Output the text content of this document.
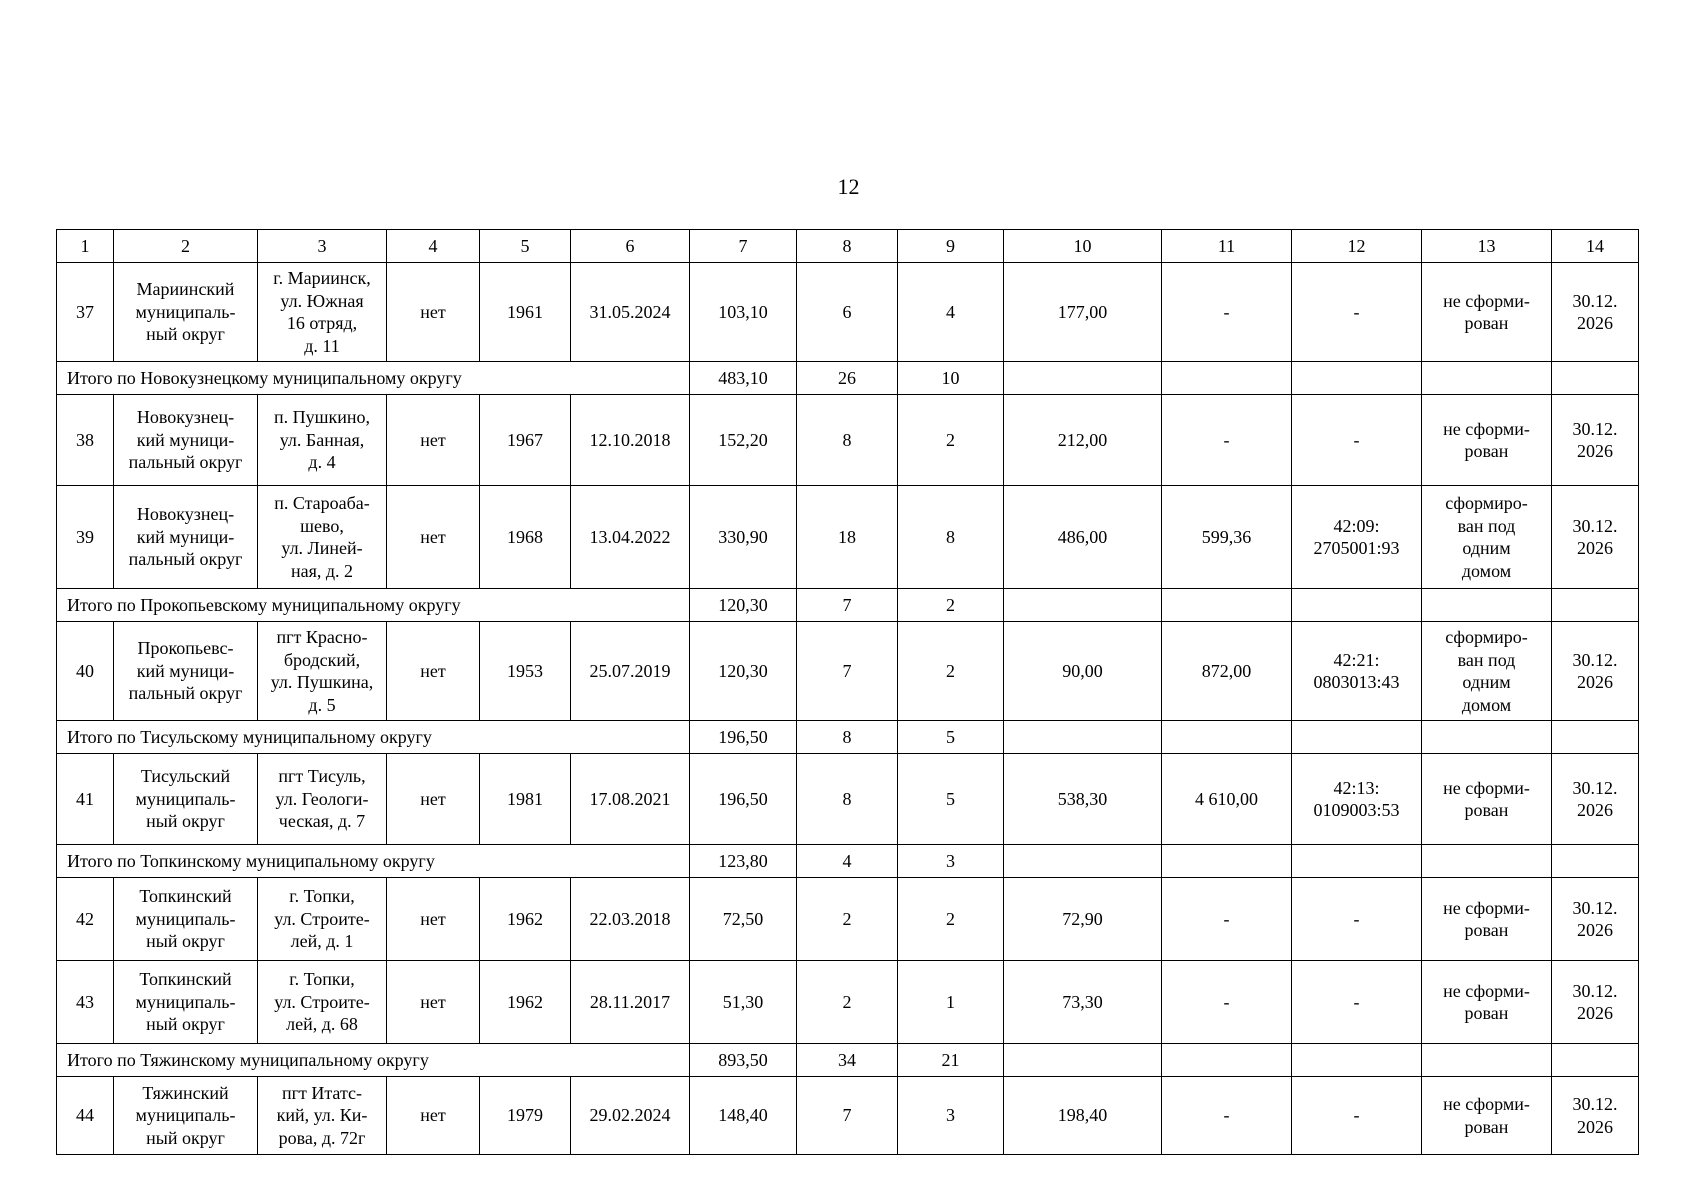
12
1	2	3	4	5	6	7	8	9	10	11	12	13	14
37	Мариинский
муниципаль-
ный округ	г. Мариинск,
ул. Южная
16 отряд,
д. 11	нет	1961	31.05.2024	103,10	6	4	177,00	-	-	не сформи-
рован	30.12.
2026
Итого по Новокузнецкому муниципальному округу						483,10	26	10					
38	Новокузнец-
кий муници-
пальный округ	п. Пушкино,
ул. Банная,
д. 4	нет	1967	12.10.2018	152,20	8	2	212,00	-	-	не сформи-
рован	30.12.
2026
39	Новокузнец-
кий муници-
пальный округ	п. Староаба-
шево,
ул. Линей-
ная, д. 2	нет	1968	13.04.2022	330,90	18	8	486,00	599,36	42:09:
2705001:93	сформиро-
ван под
одним
домом	30.12.
2026
Итого по Прокопьевскому муниципальному округу						120,30	7	2					
40	Прокопьевс-
кий муници-
пальный округ	пгт Красно-
бродский,
ул. Пушкина,
д. 5	нет	1953	25.07.2019	120,30	7	2	90,00	872,00	42:21:
0803013:43	сформиро-
ван под
одним
домом	30.12.
2026
Итого по Тисульскому муниципальному округу						196,50	8	5					
41	Тисульский
муниципаль-
ный округ	пгт Тисуль,
ул. Геологи-
ческая, д. 7	нет	1981	17.08.2021	196,50	8	5	538,30	4 610,00	42:13:
0109003:53	не сформи-
рован	30.12.
2026
Итого по Топкинскому муниципальному округу						123,80	4	3					
42	Топкинский
муниципаль-
ный округ	г. Топки,
ул. Строите-
лей, д. 1	нет	1962	22.03.2018	72,50	2	2	72,90	-	-	не сформи-
рован	30.12.
2026
43	Топкинский
муниципаль-
ный округ	г. Топки,
ул. Строите-
лей, д. 68	нет	1962	28.11.2017	51,30	2	1	73,30	-	-	не сформи-
рован	30.12.
2026
Итого по Тяжинскому муниципальному округу						893,50	34	21					
44	Тяжинский
муниципаль-
ный округ	пгт Итатс-
кий, ул. Ки-
рова, д. 72г	нет	1979	29.02.2024	148,40	7	3	198,40	-	-	не сформи-
рован	30.12.
2026
